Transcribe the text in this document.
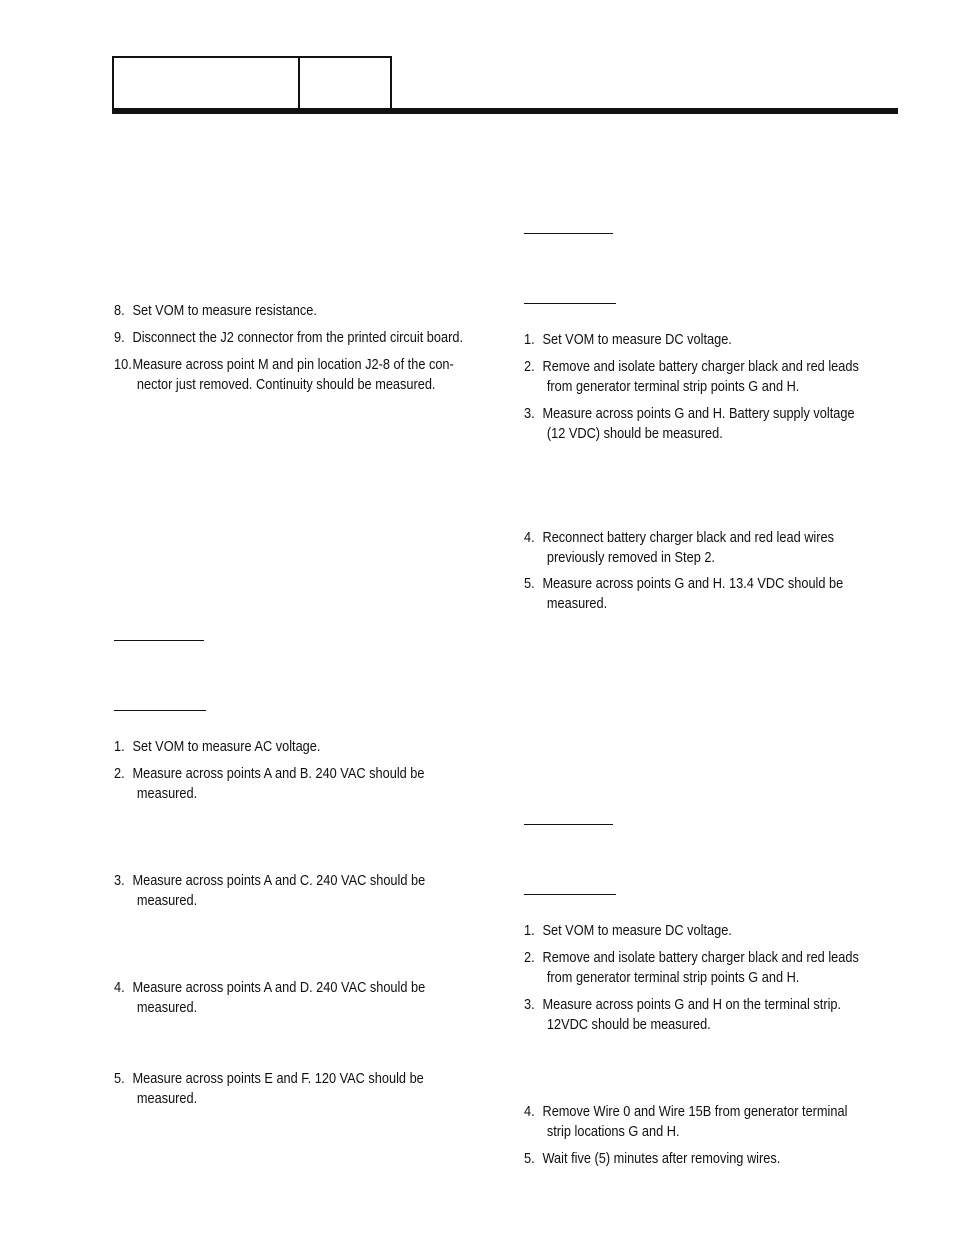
8. Set VOM to measure resistance.
9. Disconnect the J2 connector from the printed circuit board.
10.Measure across point M and pin location J2-8 of the con-
nector just removed. Continuity should be measured.
1. Set VOM to measure AC voltage.
2. Measure across points A and B. 240 VAC should be
measured.
3. Measure across points A and C. 240 VAC should be
measured.
4. Measure across points A and D. 240 VAC should be
measured.
5. Measure across points E and F. 120 VAC should be
measured.
1. Set VOM to measure DC voltage.
2. Remove and isolate battery charger black and red leads
from generator terminal strip points G and H.
3. Measure across points G and H. Battery supply voltage
(12 VDC) should be measured.
4. Reconnect battery charger black and red lead wires
previously removed in Step 2.
5. Measure across points G and H. 13.4 VDC should be
measured.
1. Set VOM to measure DC voltage.
2. Remove and isolate battery charger black and red leads
from generator terminal strip points G and H.
3. Measure across points G and H on the terminal strip.
12VDC should be measured.
4. Remove Wire 0 and Wire 15B from generator terminal
strip locations G and H.
5. Wait five (5) minutes after removing wires.
